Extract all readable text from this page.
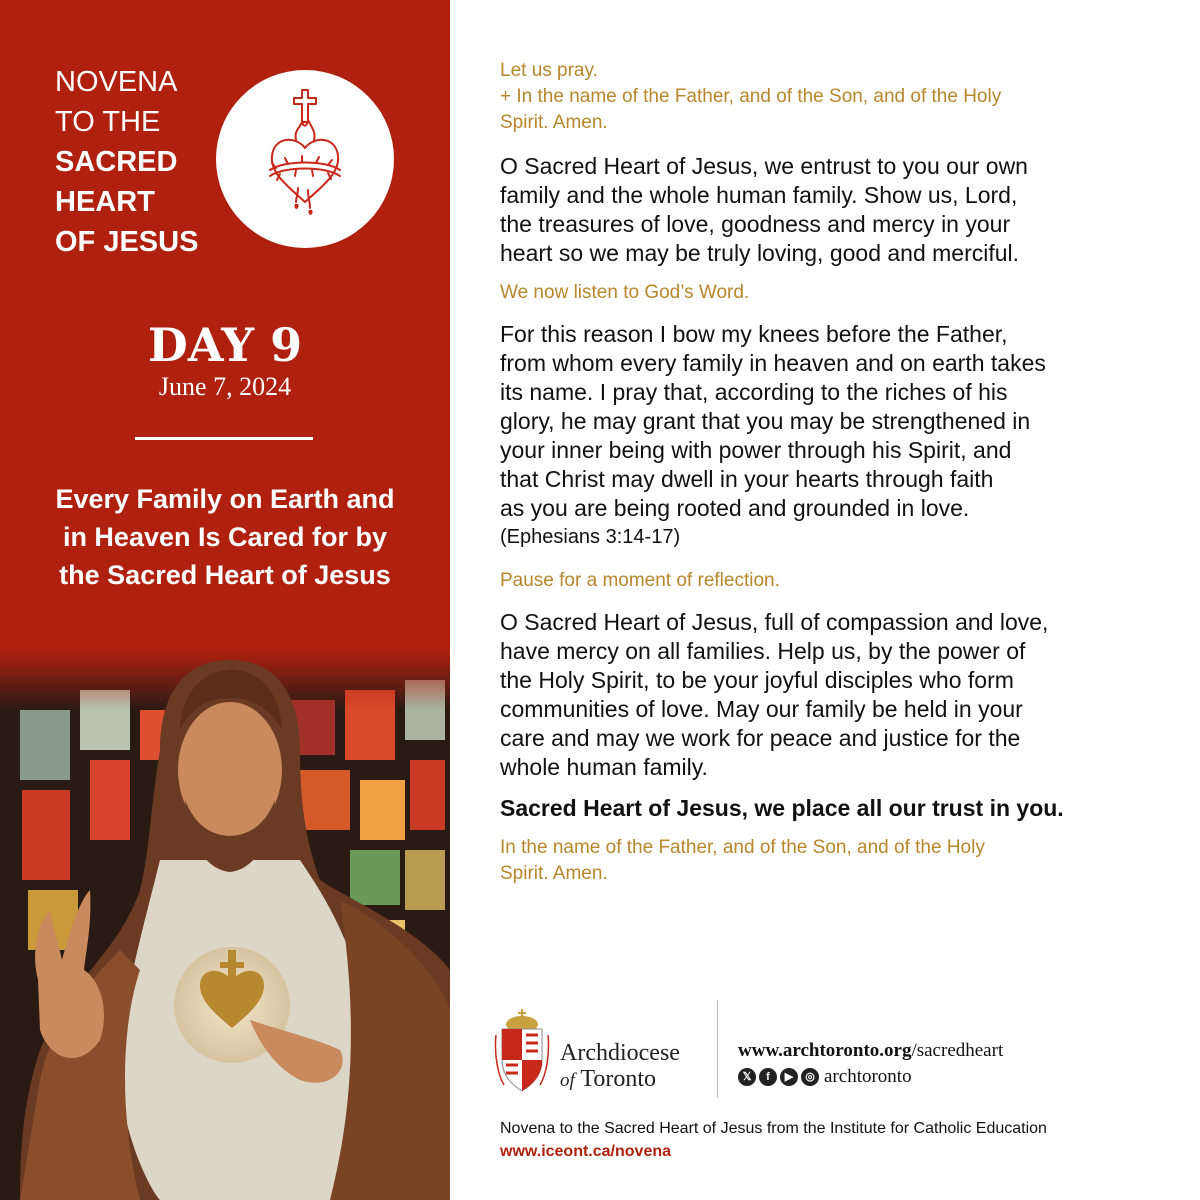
NOVENA
TO THE
SACRED
HEART
OF JESUS
DAY 9
June 7, 2024
Every Family on Earth and
in Heaven Is Cared for by
the Sacred Heart of Jesus
Let us pray.
+ In the name of the Father, and of the Son, and of the Holy
Spirit. Amen.
O Sacred Heart of Jesus, we entrust to you our own
family and the whole human family. Show us, Lord,
the treasures of love, goodness and mercy in your
heart so we may be truly loving, good and merciful.
We now listen to God’s Word.
For this reason I bow my knees before the Father,
from whom every family in heaven and on earth takes
its name. I pray that, according to the riches of his
glory, he may grant that you may be strengthened in
your inner being with power through his Spirit, and
that Christ may dwell in your hearts through faith
as you are being rooted and grounded in love.
(Ephesians 3:14-17)
Pause for a moment of reflection.
O Sacred Heart of Jesus, full of compassion and love,
have mercy on all families. Help us, by the power of
the Holy Spirit, to be your joyful disciples who form
communities of love. May our family be held in your
care and may we work for peace and justice for the
whole human family.
Sacred Heart of Jesus, we place all our trust in you.
In the name of the Father, and of the Son, and of the Holy
Spirit. Amen.
Archdiocese
of Toronto
www.archtoronto.org/sacredheart
𝕏 f ▶ ◎ archtoronto
Novena to the Sacred Heart of Jesus from the Institute for Catholic Education
www.iceont.ca/novena
